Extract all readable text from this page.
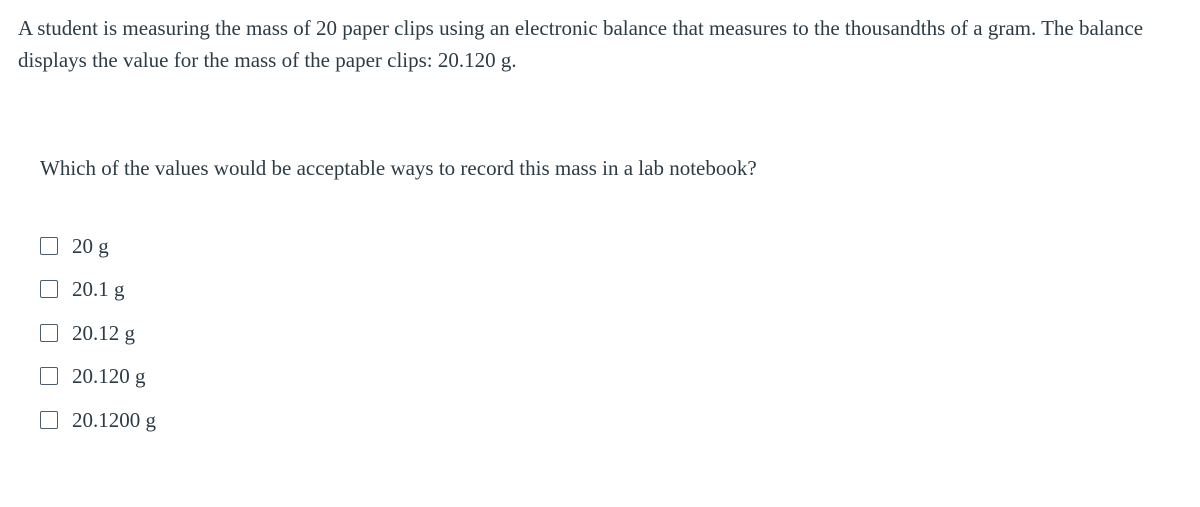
A student is measuring the mass of 20 paper clips using an electronic balance that measures to the thousandths of a gram. The balance displays the value for the mass of the paper clips: 20.120 g.
Which of the values would be acceptable ways to record this mass in a lab notebook?
20 g
20.1 g
20.12 g
20.120 g
20.1200 g
